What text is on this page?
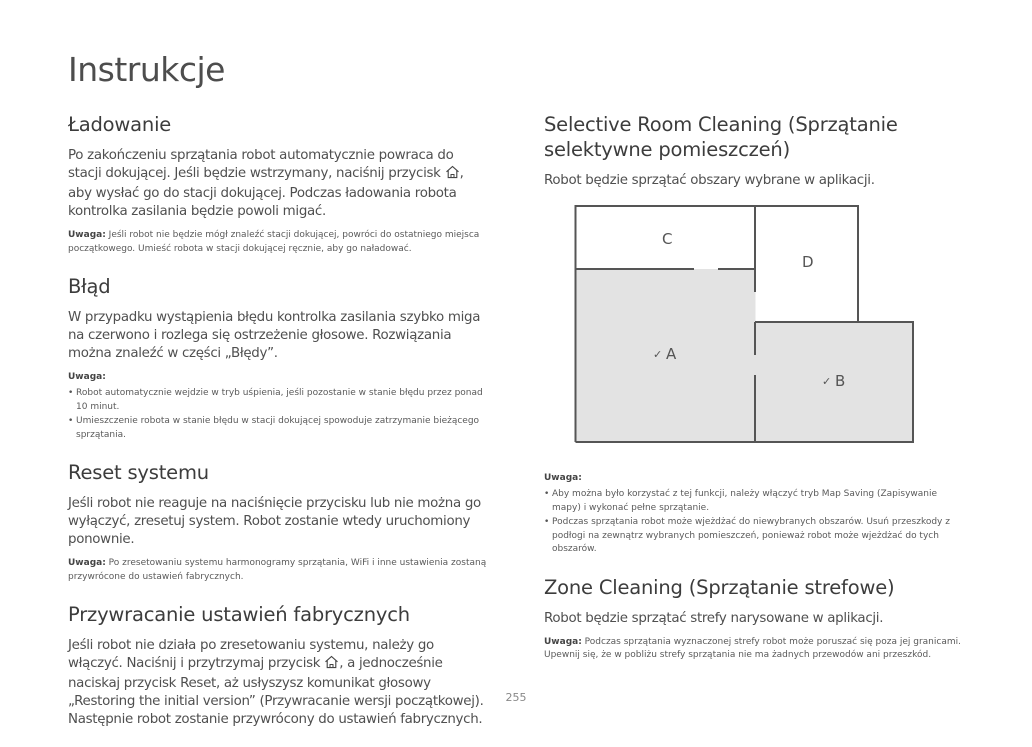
Instrukcje
Ładowanie

Po zakończeniu sprzątania robot automatycznie powraca do stacji dokującej. Jeśli będzie wstrzymany, naciśnij przycisk , aby wysłać go do stacji dokującej. Podczas ładowania robota kontrolka zasilania będzie powoli migać.

Uwaga: Jeśli robot nie będzie mógł znaleźć stacji dokującej, powróci do ostatniego miejsca początkowego. Umieść robota w stacji dokującej ręcznie, aby go naładować.

Błąd

W przypadku wystąpienia błędu kontrolka zasilania szybko miga na czerwono i rozlega się ostrzeżenie głosowe. Rozwiązania można znaleźć w części „Błędy”.

Uwaga:
• Robot automatycznie wejdzie w tryb uśpienia, jeśli pozostanie w stanie błędu przez ponad 10 minut.
• Umieszczenie robota w stanie błędu w stacji dokującej spowoduje zatrzymanie bieżącego sprzątania.
Reset systemu

Jeśli robot nie reaguje na naciśnięcie przycisku lub nie można go wyłączyć, zresetuj system. Robot zostanie wtedy uruchomiony ponownie.

Uwaga: Po zresetowaniu systemu harmonogramy sprzątania, WiFi i inne ustawienia zostaną przywrócone do ustawień fabrycznych.

Przywracanie ustawień fabrycznych

Jeśli robot nie działa po zresetowaniu systemu, należy go włączyć. Naciśnij i przytrzymaj przycisk , a jednocześnie naciskaj przycisk Reset, aż usłyszysz komunikat głosowy „Restoring the initial version” (Przywracanie wersji początkowej). Następnie robot zostanie przywrócony do ustawień fabrycznych.

Selective Room Cleaning (Sprzątanie selektywne pomieszczeń)

Robot będzie sprzątać obszary wybrane w aplikacji.

Uwaga:
• Aby można było korzystać z tej funkcji, należy włączyć tryb Map Saving (Zapisywanie mapy) i wykonać pełne sprzątanie.
• Podczas sprzątania robot może wjeżdżać do niewybranych obszarów. Usuń przeszkody z podłogi na zewnątrz wybranych pomieszczeń, ponieważ robot może wjeżdżać do tych obszarów.
Zone Cleaning (Sprzątanie strefowe)

Robot będzie sprzątać strefy narysowane w aplikacji.

Uwaga: Podczas sprzątania wyznaczonej strefy robot może poruszać się poza jej granicami. Upewnij się, że w pobliżu strefy sprzątania nie ma żadnych przewodów ani przeszkód.

C
D
✓ A
✓ B
255
